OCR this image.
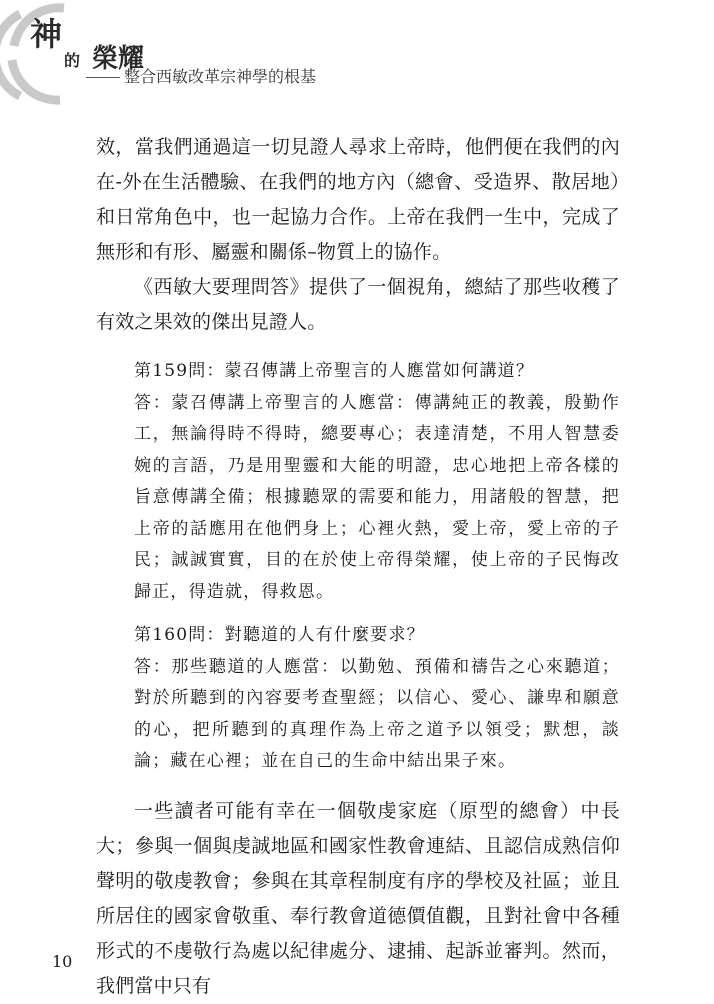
神
的 榮耀
整合西敏改革宗神學的根基

效，當我們通過這一切見證人尋求上帝時，他們便在我們的內在-外在生活體驗、在我們的地方內（總會、受造界、散居地）和日常角色中，也一起協力合作。上帝在我們一生中，完成了無形和有形、屬靈和關係–物質上的協作。

《西敏大要理問答》提供了一個視角，總結了那些收穫了有效之果效的傑出見證人。

第159問：蒙召傳講上帝聖言的人應當如何講道？

答：蒙召傳講上帝聖言的人應當：傳講純正的教義，殷勤作工，無論得時不得時，總要專心；表達清楚，不用人智慧委婉的言語，乃是用聖靈和大能的明證，忠心地把上帝各樣的旨意傳講全備；根據聽眾的需要和能力，用諸般的智慧，把上帝的話應用在他們身上；心裡火熱，愛上帝，愛上帝的子民；誠誠實實，目的在於使上帝得榮耀，使上帝的子民悔改歸正，得造就，得救恩。

第160問：對聽道的人有什麼要求？

答：那些聽道的人應當：以勤勉、預備和禱告之心來聽道；對於所聽到的內容要考查聖經；以信心、愛心、謙卑和願意的心，把所聽到的真理作為上帝之道予以領受；默想，談論；藏在心裡；並在自己的生命中結出果子來。

一些讀者可能有幸在一個敬虔家庭（原型的總會）中長大；參與一個與虔誠地區和國家性教會連結、且認信成熟信仰聲明的敬虔教會；參與在其章程制度有序的學校及社區；並且所居住的國家會敬重、奉行教會道德價值觀，且對社會中各種形式的不虔敬行為處以紀律處分、逮捕、起訴並審判。然而，我們當中只有

10
